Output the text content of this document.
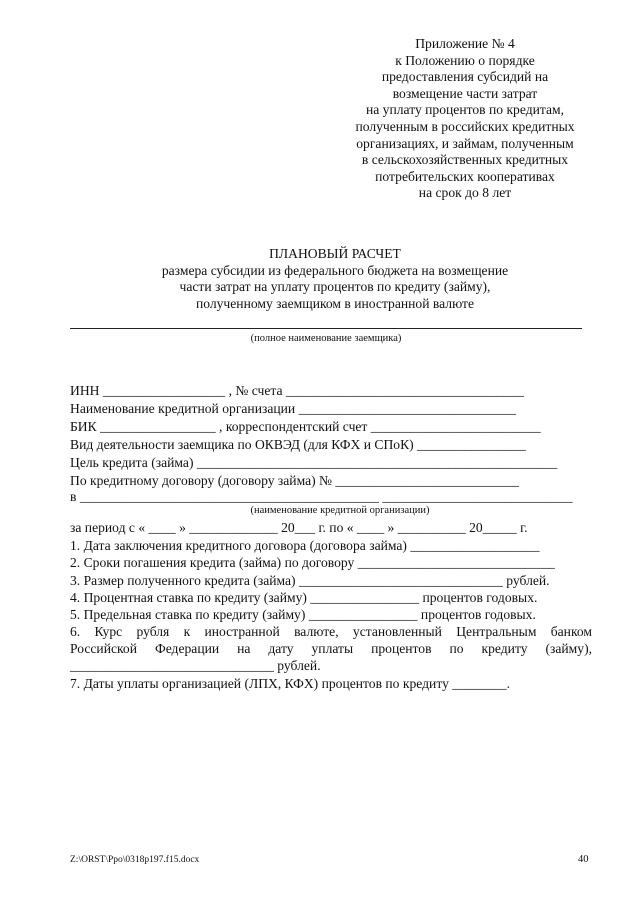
Приложение № 4
к Положению о порядке
предоставления субсидий на
возмещение части затрат
на уплату процентов по кредитам,
полученным в российских кредитных
организациях, и займам, полученным
в сельскохозяйственных кредитных
потребительских кооперативах
на срок до 8 лет
ПЛАНОВЫЙ РАСЧЕТ
размера субсидии из федерального бюджета на возмещение
части затрат на уплату процентов по кредиту (займу),
полученному заемщиком в иностранной валюте
(полное наименование заемщика)
ИНН __________________ , № счета ___________________________________
Наименование кредитной организации ________________________________
БИК _________________ , корреспондентский счет _________________________
Вид деятельности заемщика по ОКВЭД (для КФХ и СПоК) ________________
Цель кредита (займа) _____________________________________________________
По кредитному договору (договору займа) № ___________________________
в ____________________________________________ ____________________________
(наименование кредитной организации)
за период с « ____ » _____________ 20___ г. по « ____ » __________ 20_____ г.
1. Дата заключения кредитного договора (договора займа) ___________________
2. Сроки погашения кредита (займа) по договору _____________________________
3. Размер полученного кредита (займа) ______________________________ рублей.
4. Процентная ставка по кредиту (займу) ________________ процентов годовых.
5. Предельная ставка по кредиту (займу) ________________ процентов годовых.
6. Курс рубля к иностранной валюте, установленный Центральным банком
Российской Федерации на дату уплаты процентов по кредиту (займу),
______________________________ рублей.
7. Даты уплаты организацией (ЛПХ, КФХ) процентов по кредиту ________.
Z:\ORST\Ppo\0318p197.f15.docx	40
